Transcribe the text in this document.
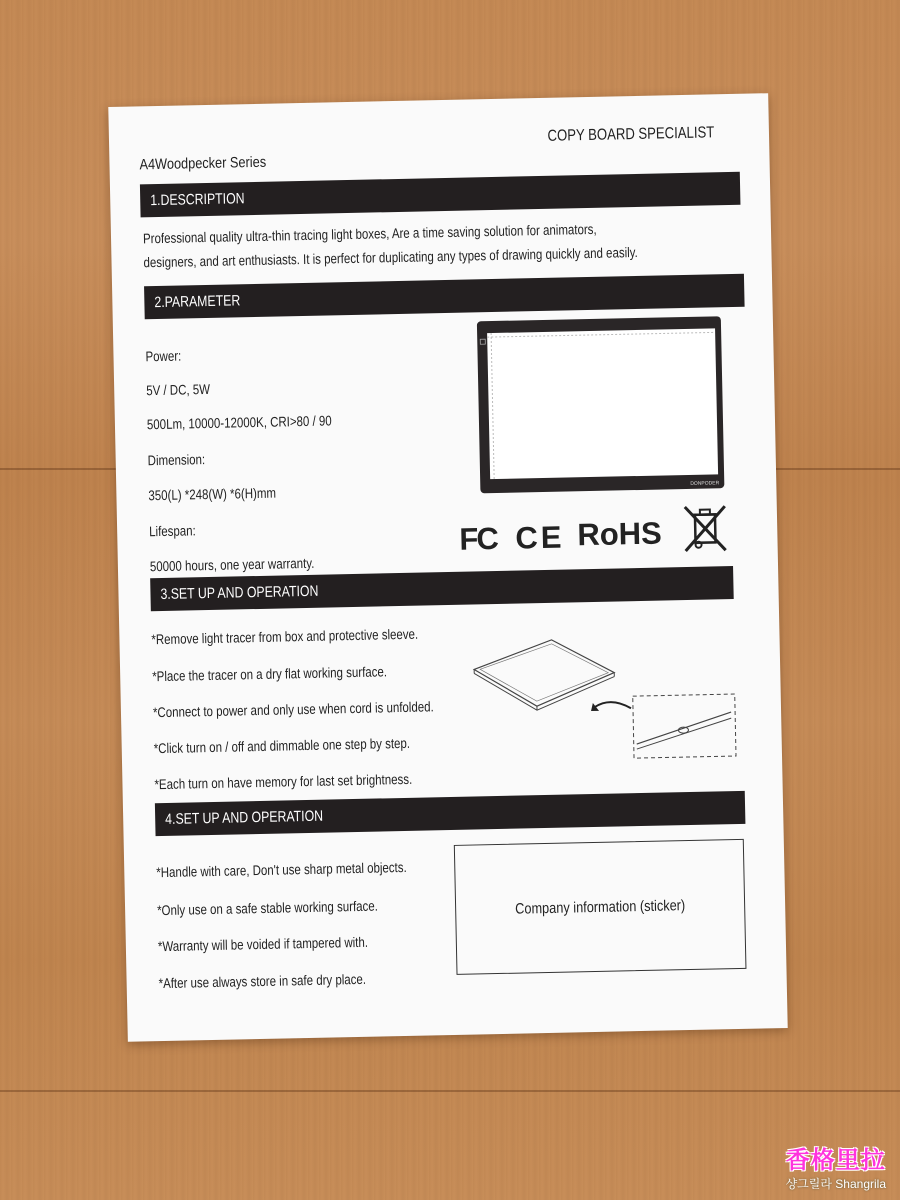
A4Woodpecker Series
COPY BOARD SPECIALIST
1.DESCRIPTION
Professional quality ultra-thin tracing light boxes, Are a time saving solution for animators,
designers, and art enthusiasts. It is perfect for duplicating any types of drawing quickly and easily.
2.PARAMETER
Power:
5V / DC, 5W
500Lm, 10000-12000K, CRI>80 / 90
Dimension:
350(L) *248(W) *6(H)mm
Lifespan:
50000 hours, one year warranty.
DONPODER
FC CE RoHS
3.SET UP AND OPERATION
*Remove light tracer from box and protective sleeve.
*Place the tracer on a dry flat working surface.
*Connect to power and only use when cord is unfolded.
*Click turn on / off and dimmable one step by step.
*Each turn on have memory for last set brightness.
4.SET UP AND OPERATION
*Handle with care, Don't use sharp metal objects.
*Only use on a safe stable working surface.
*Warranty will be voided if tampered with.
*After use always store in safe dry place.
Company information (sticker)
香格里拉
샹그릴라 Shangrila
